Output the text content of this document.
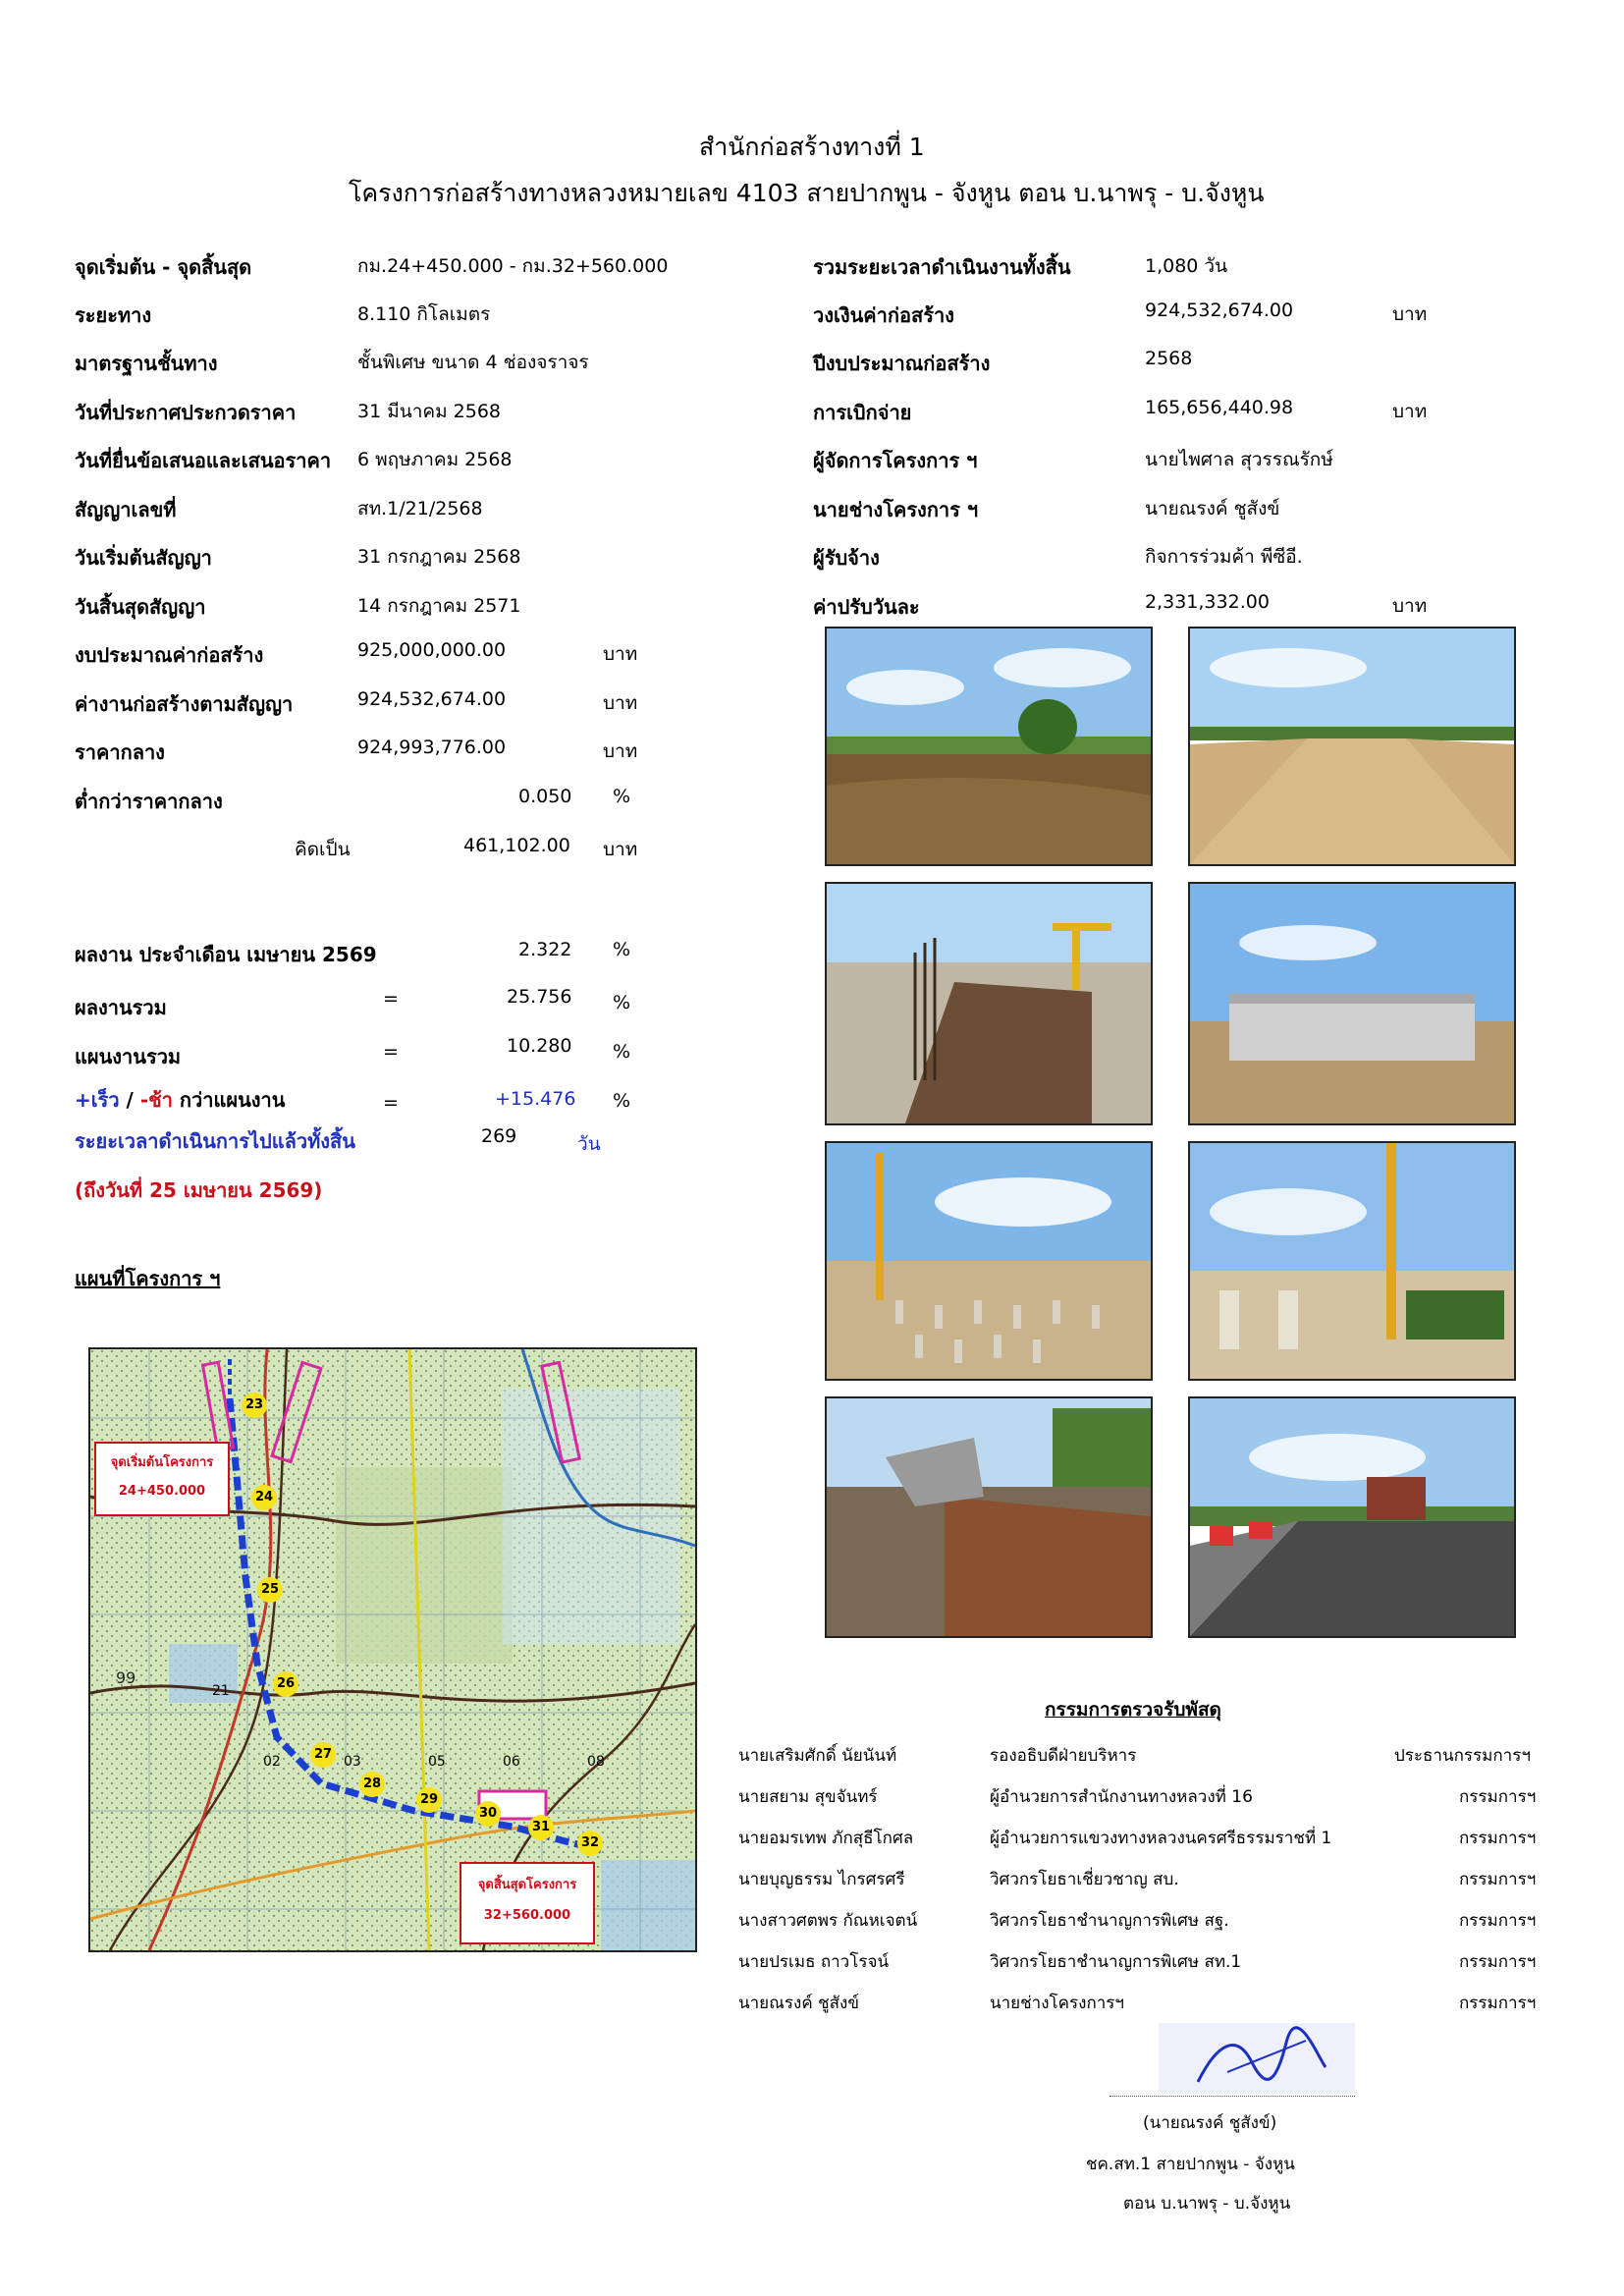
สำนักก่อสร้างทางที่ 1
โครงการก่อสร้างทางหลวงหมายเลข 4103 สายปากพูน - จังหูน ตอน บ.นาพรุ - บ.จังหูน
จุดเริ่มต้น - จุดสิ้นสุด	กม.24+450.000 - กม.32+560.000
ระยะทาง	8.110 กิโลเมตร
มาตรฐานชั้นทาง	ชั้นพิเศษ ขนาด 4 ช่องจราจร
วันที่ประกาศประกวดราคา	31 มีนาคม 2568
วันที่ยื่นข้อเสนอและเสนอราคา 6 พฤษภาคม 2568
สัญญาเลขที่	สท.1/21/2568
วันเริ่มต้นสัญญา	31 กรกฎาคม 2568
วันสิ้นสุดสัญญา	14 กรกฎาคม 2571
งบประมาณค่าก่อสร้าง	925,000,000.00	บาท
ค่างานก่อสร้างตามสัญญา	924,532,674.00	บาท
ราคากลาง	924,993,776.00	บาท
ต่ำกว่าราคากลาง	0.050 %
คิดเป็น	461,102.00 บาท
รวมระยะเวลาดำเนินงานทั้งสิ้น	1,080 วัน
วงเงินค่าก่อสร้าง	924,532,674.00	บาท
ปีงบประมาณก่อสร้าง	2568
การเบิกจ่าย	165,656,440.98	บาท
ผู้จัดการโครงการ ฯ	นายไพศาล สุวรรณรักษ์
นายช่างโครงการ ฯ	นายณรงค์ ชูสังข์
ผู้รับจ้าง	กิจการร่วมค้า พีซีอี.
ค่าปรับวันละ	2,331,332.00	บาท
ผลงาน ประจำเดือน เมษายน 2569	2.322 %
ผลงานรวม	=	25.756 %
แผนงานรวม	=	10.280 %
+เร็ว / -ช้า กว่าแผนงาน	=	+15.476 %
ระยะเวลาดำเนินการไปแล้วทั้งสิ้น	269	วัน
(ถึงวันที่ 25 เมษายน 2569)
แผนที่โครงการ ฯ
99
21
02	03	05	06	08
23
24
25
26
27
28
29
30
31
32
จุดเริ่มต้นโครงการ
24+450.000
จุดสิ้นสุดโครงการ
32+560.000
กรรมการตรวจรับพัสดุ
นายเสริมศักดิ์ นัยนันท์	รองอธิบดีฝ่ายบริหาร	ประธานกรรมการฯ
นายสยาม สุขจันทร์	ผู้อำนวยการสำนักงานทางหลวงที่ 16	กรรมการฯ
นายอมรเทพ ภักสุธีโกศล	ผู้อำนวยการแขวงทางหลวงนครศรีธรรมราชที่ 1	กรรมการฯ
นายบุญธรรม ไกรศรศรี	วิศวกรโยธาเชี่ยวชาญ สบ.	กรรมการฯ
นางสาวศตพร กัณหเจตน์	วิศวกรโยธาชำนาญการพิเศษ สฐ.	กรรมการฯ
นายปรเมธ ถาวโรจน์	วิศวกรโยธาชำนาญการพิเศษ สท.1	กรรมการฯ
นายณรงค์ ชูสังข์	นายช่างโครงการฯ	กรรมการฯ
(นายณรงค์ ชูสังข์)
ชค.สท.1 สายปากพูน - จังหูน
ตอน บ.นาพรุ - บ.จังหูน
